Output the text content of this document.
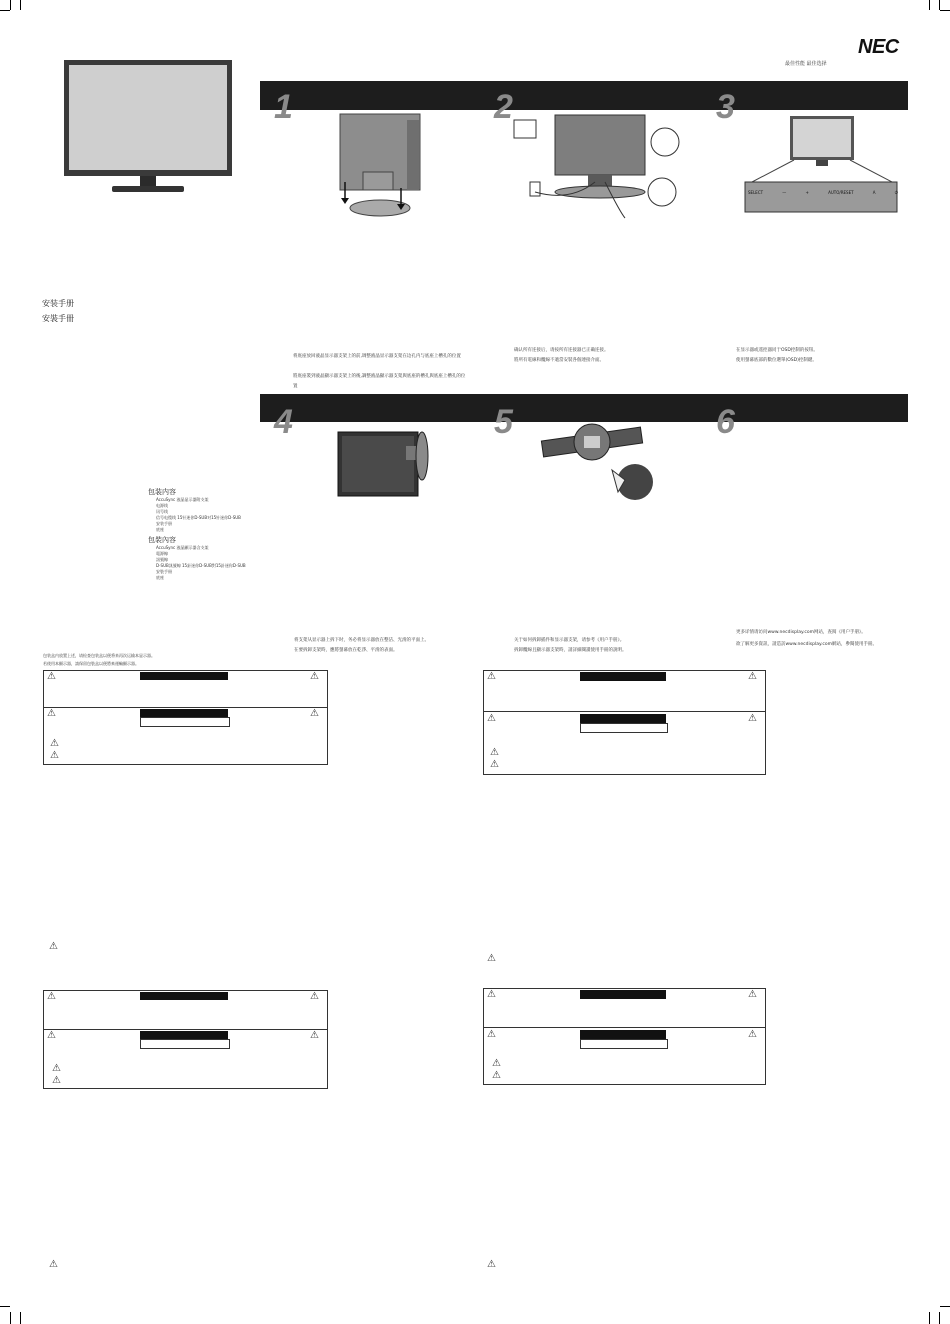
NEC
最佳性能 最佳选择
安装手册
安裝手冊
1	2	3
SELECT	—	+	AUTO/RESET	A	⏻
将底座放回液晶显示器支架上的前,调整液晶显示器支架在边孔内与底座上槽孔的位置
將底座裝到液晶顯示器支架上的後,調整液晶顯示器支架與底座的槽孔與底座上槽孔的位置
确认所有连接后，请按所有连接器已正确连接。
將所有電線和纜線不適當安裝各個連接介面。
在显示器或遥控器同于OSD控制的按钮。
使用螢幕底部的數位選單(OSD)控制鍵。
4	5	6
将支架从显示器上拆下时，务必将显示器放在整洁、光滑的平面上。
在要拆卸支架時，應將螢幕放在乾淨、平滑的表面。
关于如何拆卸插件和显示器支架，请参考《用户手册》。
拆卸纜線且顯示器支架時，請詳細閱讀使用手冊的說明。
更多详情请访问www.necdisplay.com网站，查阅《用户手册》。
欲了解更多資訊，請造訪www.necdisplay.com網站，參閱使用手冊。
包装内容
AccuSync 液晶显示器附支架
电源线
讯号线
信号电缆线 15针迷你D-SUB对15针迷你D-SUB
安装手册
底座
包裝內容
AccuSync 液晶顯示器含支架
電源線
訊號線
D-SUB訊號線 15針迷你D-SUB對15針迷你D-SUB
安裝手冊
底座
包装盒内放置上述，请检查包装盒以便将来再次运输本显示器。
若使用本顯示器，請保留包裝盒以便將來運輸顯示器。
⚠	⚠
⚠	⚠
⚠
⚠
⚠	⚠
⚠	⚠
⚠
⚠
⚠
⚠
⚠	⚠
⚠	⚠
⚠
⚠
⚠	⚠
⚠	⚠
⚠
⚠
⚠	⚠
